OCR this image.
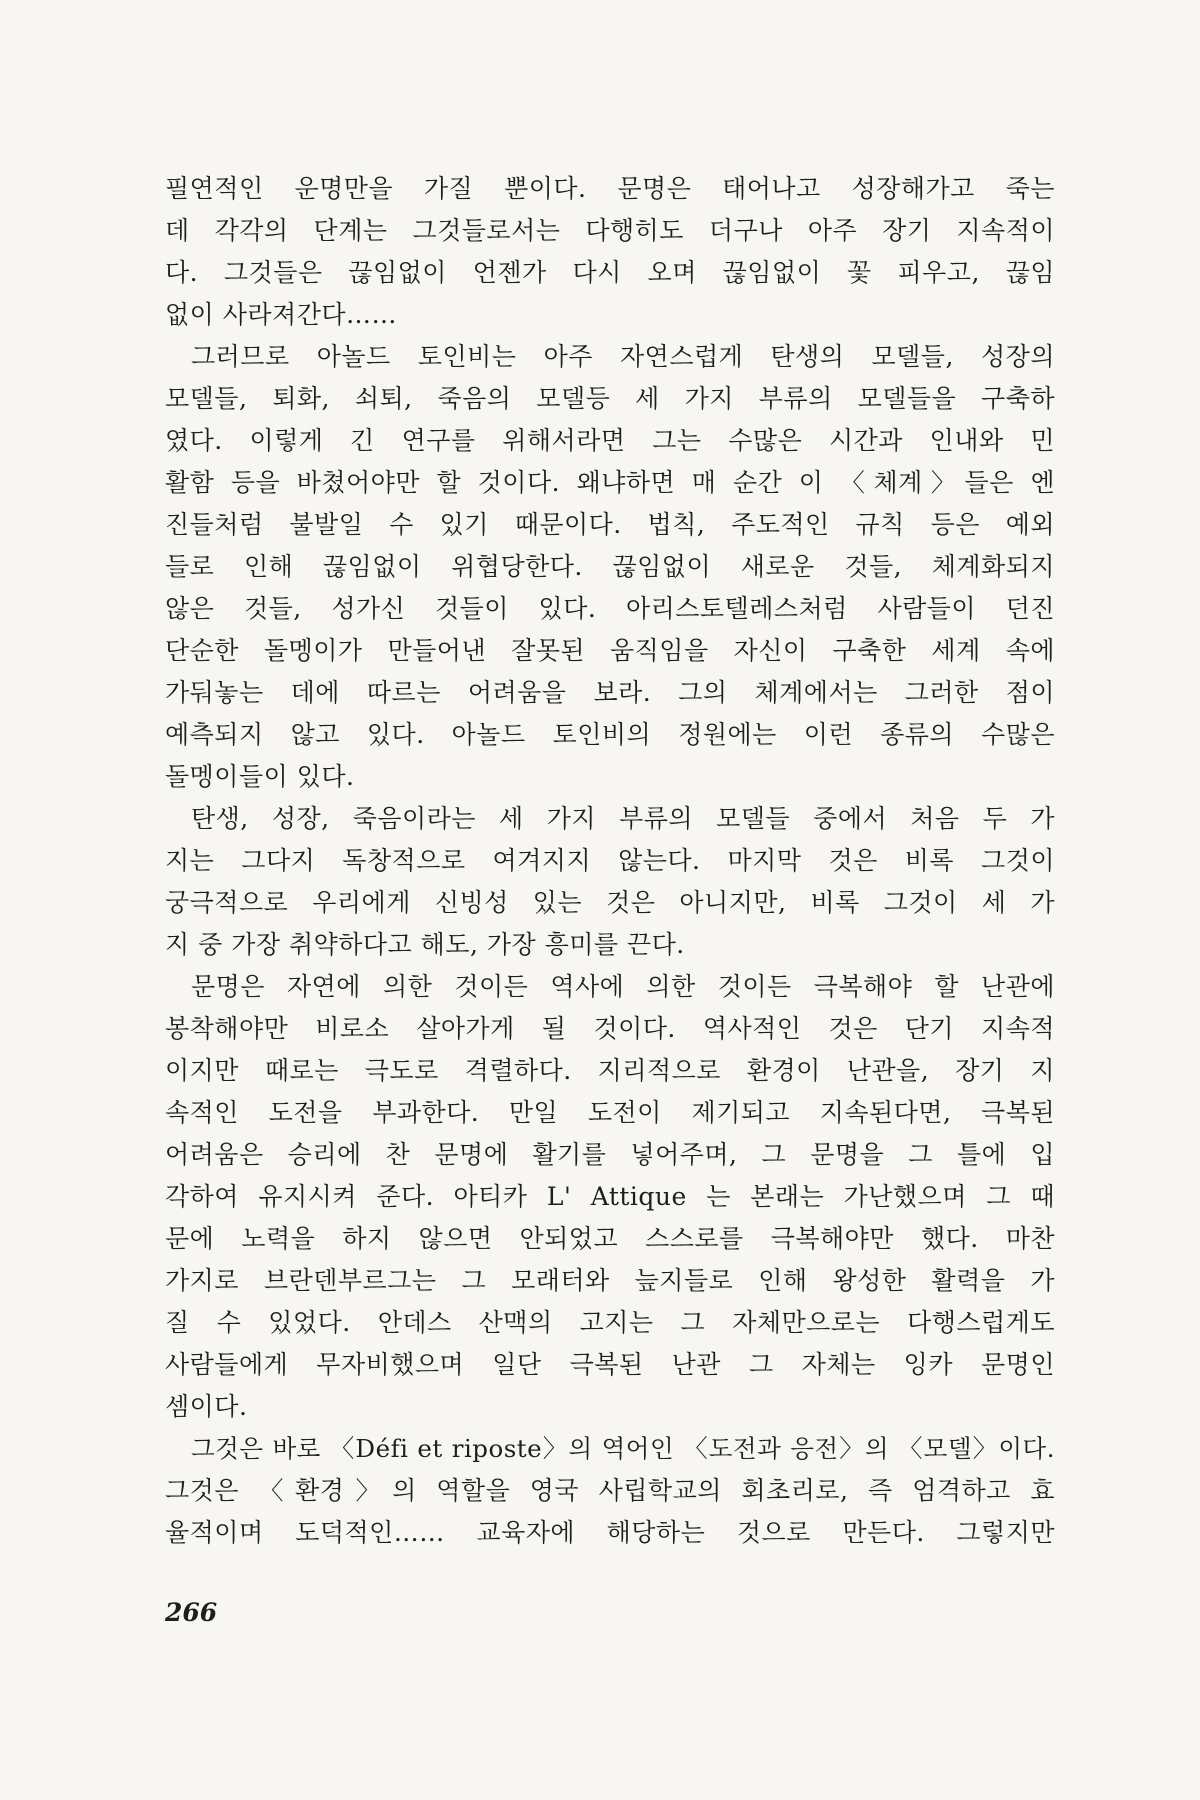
필연적인 운명만을 가질 뿐이다. 문명은 태어나고 성장해가고 죽는
데 각각의 단계는 그것들로서는 다행히도 더구나 아주 장기 지속적이
다. 그것들은 끊임없이 언젠가 다시 오며 끊임없이 꽃 피우고, 끊임
없이 사라져간다……
그러므로 아놀드 토인비는 아주 자연스럽게 탄생의 모델들, 성장의
모델들, 퇴화, 쇠퇴, 죽음의 모델등 세 가지 부류의 모델들을 구축하
였다. 이렇게 긴 연구를 위해서라면 그는 수많은 시간과 인내와 민
활함 등을 바쳤어야만 할 것이다. 왜냐하면 매 순간 이 〈체계〉들은 엔
진들처럼 불발일 수 있기 때문이다. 법칙, 주도적인 규칙 등은 예외
들로 인해 끊임없이 위협당한다. 끊임없이 새로운 것들, 체계화되지
않은 것들, 성가신 것들이 있다. 아리스토텔레스처럼 사람들이 던진
단순한 돌멩이가 만들어낸 잘못된 움직임을 자신이 구축한 세계 속에
가둬놓는 데에 따르는 어려움을 보라. 그의 체계에서는 그러한 점이
예측되지 않고 있다. 아놀드 토인비의 정원에는 이런 종류의 수많은
돌멩이들이 있다.
탄생, 성장, 죽음이라는 세 가지 부류의 모델들 중에서 처음 두 가
지는 그다지 독창적으로 여겨지지 않는다. 마지막 것은 비록 그것이
궁극적으로 우리에게 신빙성 있는 것은 아니지만, 비록 그것이 세 가
지 중 가장 취약하다고 해도, 가장 흥미를 끈다.
문명은 자연에 의한 것이든 역사에 의한 것이든 극복해야 할 난관에
봉착해야만 비로소 살아가게 될 것이다. 역사적인 것은 단기 지속적
이지만 때로는 극도로 격렬하다. 지리적으로 환경이 난관을, 장기 지
속적인 도전을 부과한다. 만일 도전이 제기되고 지속된다면, 극복된
어려움은 승리에 찬 문명에 활기를 넣어주며, 그 문명을 그 틀에 입
각하여 유지시켜 준다. 아티카 L' Attique 는 본래는 가난했으며 그 때
문에 노력을 하지 않으면 안되었고 스스로를 극복해야만 했다. 마찬
가지로 브란덴부르그는 그 모래터와 늪지들로 인해 왕성한 활력을 가
질 수 있었다. 안데스 산맥의 고지는 그 자체만으로는 다행스럽게도
사람들에게 무자비했으며 일단 극복된 난관 그 자체는 잉카 문명인
셈이다.
그것은 바로 〈Défi et riposte〉의 역어인 〈도전과 응전〉의 〈모델〉이다.
그것은 〈환경〉의 역할을 영국 사립학교의 회초리로, 즉 엄격하고 효
율적이며 도덕적인…… 교육자에 해당하는 것으로 만든다. 그렇지만
266
